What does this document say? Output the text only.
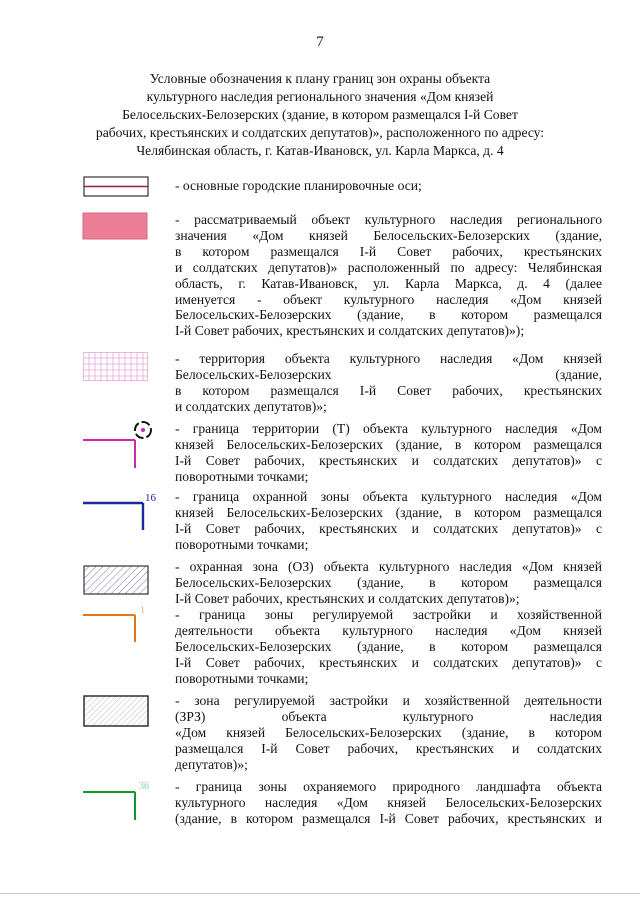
7
Условные обозначения к плану границ зон охраны объекта
культурного наследия регионального значения «Дом князей
Белосельских-Белозерских (здание, в котором размещался I-й Совет
рабочих, крестьянских и солдатских депутатов)», расположенного по адресу:
Челябинская область, г. Катав-Ивановск, ул. Карла Маркса, д. 4
- основные городские планировочные оси;
- рассматриваемый объект культурного наследия регионального
значения «Дом князей Белосельских-Белозерских (здание,
в котором размещался I-й Совет рабочих, крестьянских
и солдатских депутатов)» расположенный по адресу: Челябинская
область, г. Катав-Ивановск, ул. Карла Маркса, д. 4 (далее
именуется - объект культурного наследия «Дом князей
Белосельских-Белозерских (здание, в котором размещался
I-й Совет рабочих, крестьянских и солдатских депутатов)»);
- территория объекта культурного наследия «Дом князей
Белосельских-Белозерских (здание,
в котором размещался I-й Совет рабочих, крестьянских
и солдатских депутатов)»;
- граница территории (Т) объекта культурного наследия «Дом
князей Белосельских-Белозерских (здание, в котором размещался
I-й Совет рабочих, крестьянских и солдатских депутатов)» с
поворотными точками;
16 - граница охранной зоны объекта культурного наследия «Дом
князей Белосельских-Белозерских (здание, в котором размещался
I-й Совет рабочих, крестьянских и солдатских депутатов)» с
поворотными точками;
- охранная зона (ОЗ) объекта культурного наследия «Дом князей
Белосельских-Белозерских (здание, в котором размещался
I-й Совет рабочих, крестьянских и солдатских депутатов)»;
1 - граница зоны регулируемой застройки и хозяйственной
деятельности объекта культурного наследия «Дом князей
Белосельских-Белозерских (здание, в котором размещался
I-й Совет рабочих, крестьянских и солдатских депутатов)» с
поворотными точками;
- зона регулируемой застройки и хозяйственной деятельности
(ЗРЗ) объекта культурного наследия
«Дом князей Белосельских-Белозерских (здание, в котором
размещался I-й Совет рабочих, крестьянских и солдатских
депутатов)»;
36 - граница зоны охраняемого природного ландшафта объекта
культурного наследия «Дом князей Белосельских-Белозерских
(здание, в котором размещался I-й Совет рабочих, крестьянских и
